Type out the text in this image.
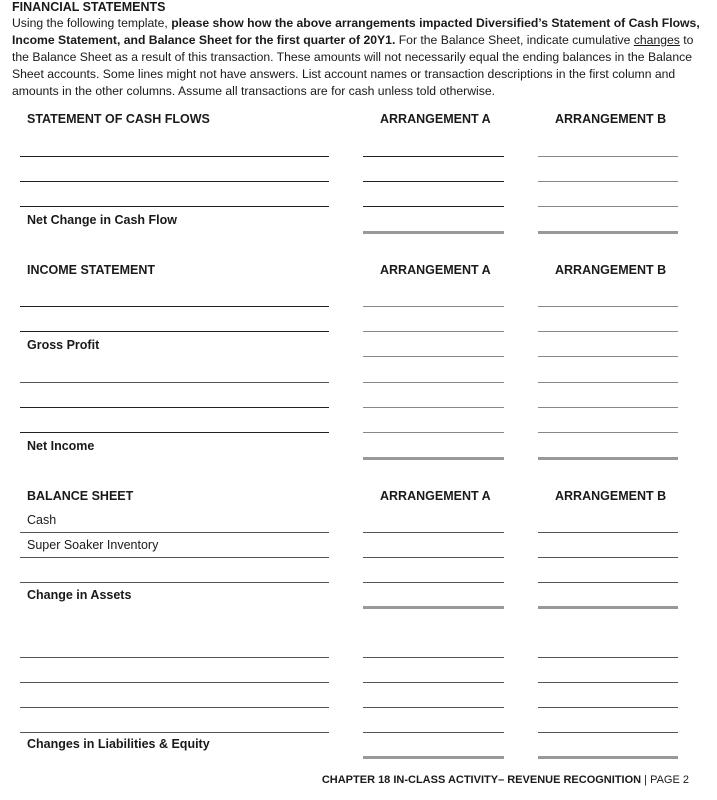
FINANCIAL STATEMENTS
Using the following template, please show how the above arrangements impacted Diversified’s Statement of Cash Flows, Income Statement, and Balance Sheet for the first quarter of 20Y1. For the Balance Sheet, indicate cumulative changes to the Balance Sheet as a result of this transaction. These amounts will not necessarily equal the ending balances in the Balance Sheet accounts. Some lines might not have answers. List account names or transaction descriptions in the first column and amounts in the other columns. Assume all transactions are for cash unless told otherwise.
STATEMENT OF CASH FLOWS	ARRANGEMENT A	ARRANGEMENT B
Net Change in Cash Flow
INCOME STATEMENT	ARRANGEMENT A	ARRANGEMENT B
Gross Profit
Net Income
BALANCE SHEET	ARRANGEMENT A	ARRANGEMENT B
Cash
Super Soaker Inventory
Change in Assets
Changes in Liabilities & Equity
CHAPTER 18 IN-CLASS ACTIVITY– REVENUE RECOGNITION | PAGE 2
